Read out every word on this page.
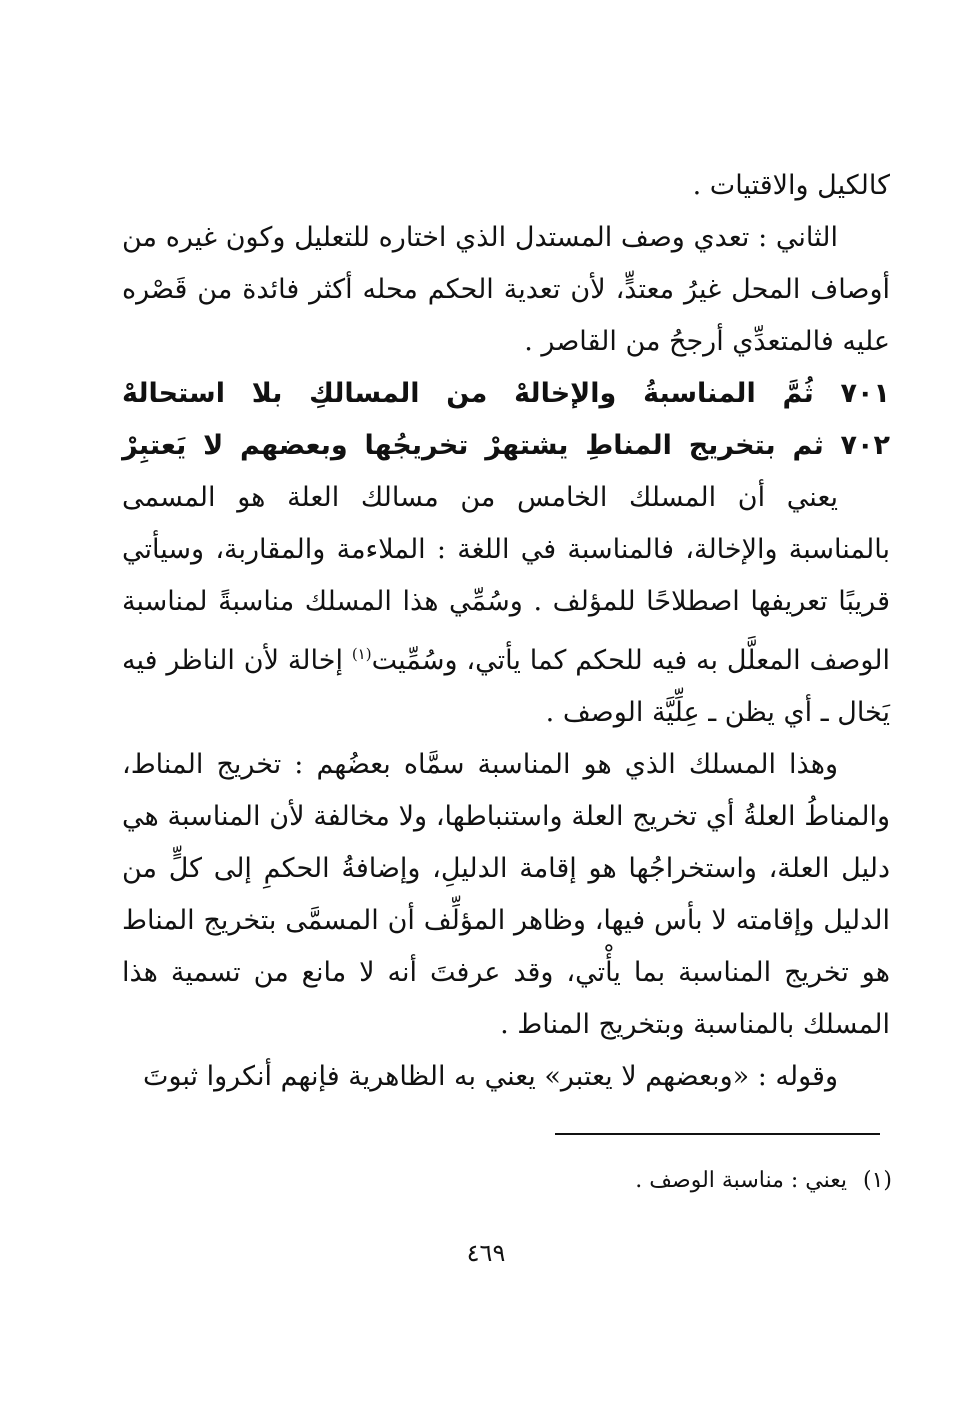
كالكيل والاقتيات .

الثاني : تعدي وصف المستدل الذي اختاره للتعليل وكون غيره من أوصاف المحل غيرُ معتدٍّ، لأن تعدية الحكم محله أكثر فائدة من قَصْره عليه فالمتعدِّي أرجحُ من القاصر .

٧٠١
ثُمَّ
المناسبةُ
والإخالهْ
من
المسالكِ
بلا
استحالهْ
٧٠٢
ثم
بتخريج
المناطِ
يشتهرْ
تخريجُها
وبعضهم
لا
يَعتبِرْ

يعني أن المسلك الخامس من مسالك العلة هو المسمى بالمناسبة والإخالة، فالمناسبة في اللغة : الملاءمة والمقاربة، وسيأتي قريبًا تعريفها اصطلاحًا للمؤلف . وسُمِّي هذا المسلك مناسبةً لمناسبة الوصف المعلَّل به فيه للحكم كما يأتي، وسُمِّيت$^{(١)}$ إخالة لأن الناظر فيه يَخال ـ أي يظن ـ عِلِّيَّة الوصف .

وهذا المسلك الذي هو المناسبة سمَّاه بعضُهم : تخريج المناط، والمناطُ العلةُ أي تخريج العلة واستنباطها، ولا مخالفة لأن المناسبة هي دليل العلة، واستخراجُها هو إقامة الدليلِ، وإضافةُ الحكمِ إلى كلٍّ من الدليل وإقامته لا بأس فيها، وظاهر المؤلِّف أن المسمَّى بتخريج المناط هو تخريج المناسبة بما يأْتي، وقد عرفتَ أنه لا مانع من تسمية هذا المسلك بالمناسبة وبتخريج المناط .

وقوله : «وبعضهم لا يعتبر» يعني به الظاهرية فإنهم أنكروا ثبوتَ

(١)يعني : مناسبة الوصف .
٤٦٩
